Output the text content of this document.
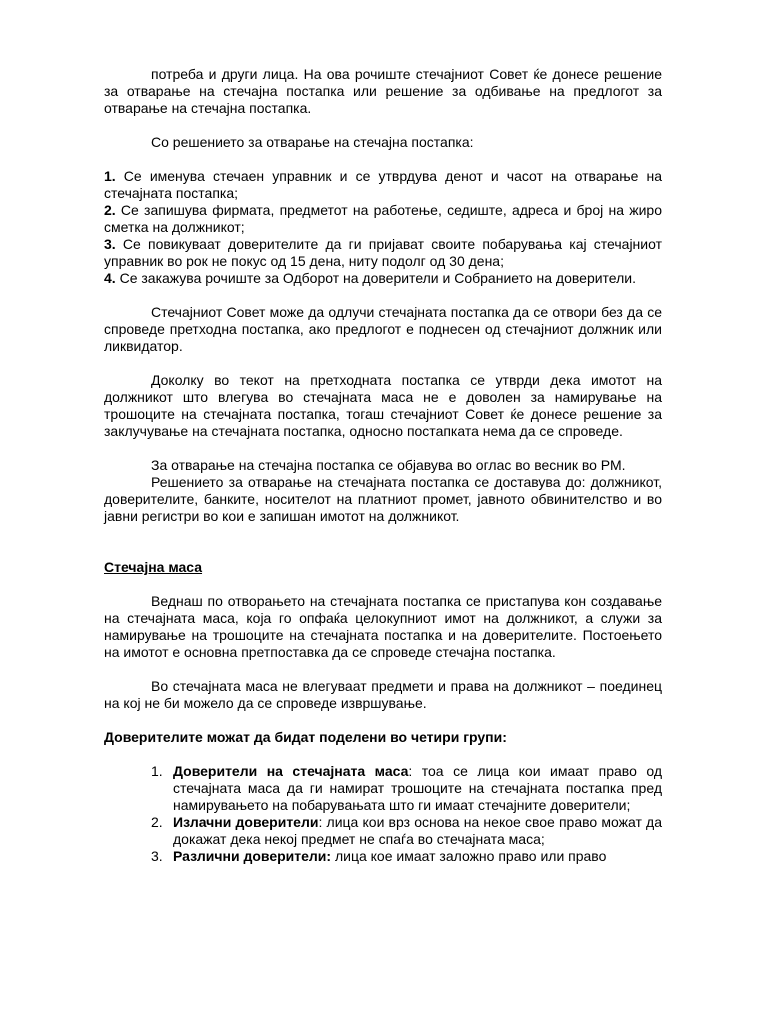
потреба и други лица. На ова рочиште стечајниот Совет ќе донесе решение за отварање на стечајна постапка или решение за одбивање на предлогот за отварање на стечајна постапка.

Со решението за отварање на стечајна постапка:

1. Се именува стечаен управник и се утврдува денот и часот на отварање на стечајната постапка;

2. Се запишува фирмата, предметот на работење, седиште, адреса и број на жиро сметка на должникот;

3. Се повикуваат доверителите да ги пријават своите побарувања кај стечајниот управник во рок не покус од 15 дена, ниту подолг од 30 дена;

4. Се закажува рочиште за Одборот на доверители и Собранието на доверители.

Стечајниот Совет може да одлучи стечајната постапка да се отвори без да се спроведе претходна постапка, ако предлогот е поднесен од стечајниот должник или ликвидатор.

Доколку во текот на претходната постапка се утврди дека имотот на должникот што влегува во стечајната маса не е доволен за намирување на трошоците на стечајната постапка, тогаш стечајниот Совет ќе донесе решение за заклучување на стечајната постапка, односно постапката нема да се спроведе.

За отварање на стечајна постапка се објавува во оглас во весник во РМ.

Решението за отварање на стечајната постапка се доставува до: должникот, доверителите, банките, носителот на платниот промет, јавното обвинителство и во јавни регистри во кои е запишан имотот на должникот.

Стечајна маса

Веднаш по отворањето на стечајната постапка се пристапува кон создавање на стечајната маса, која го опфаќа целокупниот имот на должникот, а служи за намирување на трошоците на стечајната постапка и на доверителите. Постоењето на имотот е основна претпоставка да се спроведе стечајна постапка.

Во стечајната маса не влегуваат предмети и права на должникот – поединец на кој не би можело да се спроведе извршување.

Доверителите можат да бидат поделени во четири групи:

1. Доверители на стечајната маса: тоа се лица кои имаат право од стечајната маса да ги намират трошоците на стечајната постапка пред намирувањето на побарувањата што ги имаат стечајните доверители;
2. Излачни доверители: лица кои врз основа на некое свое право можат да докажат дека некој предмет не спаѓа во стечајната маса;
3. Различни доверители: лица кое имаат заложно право или право
